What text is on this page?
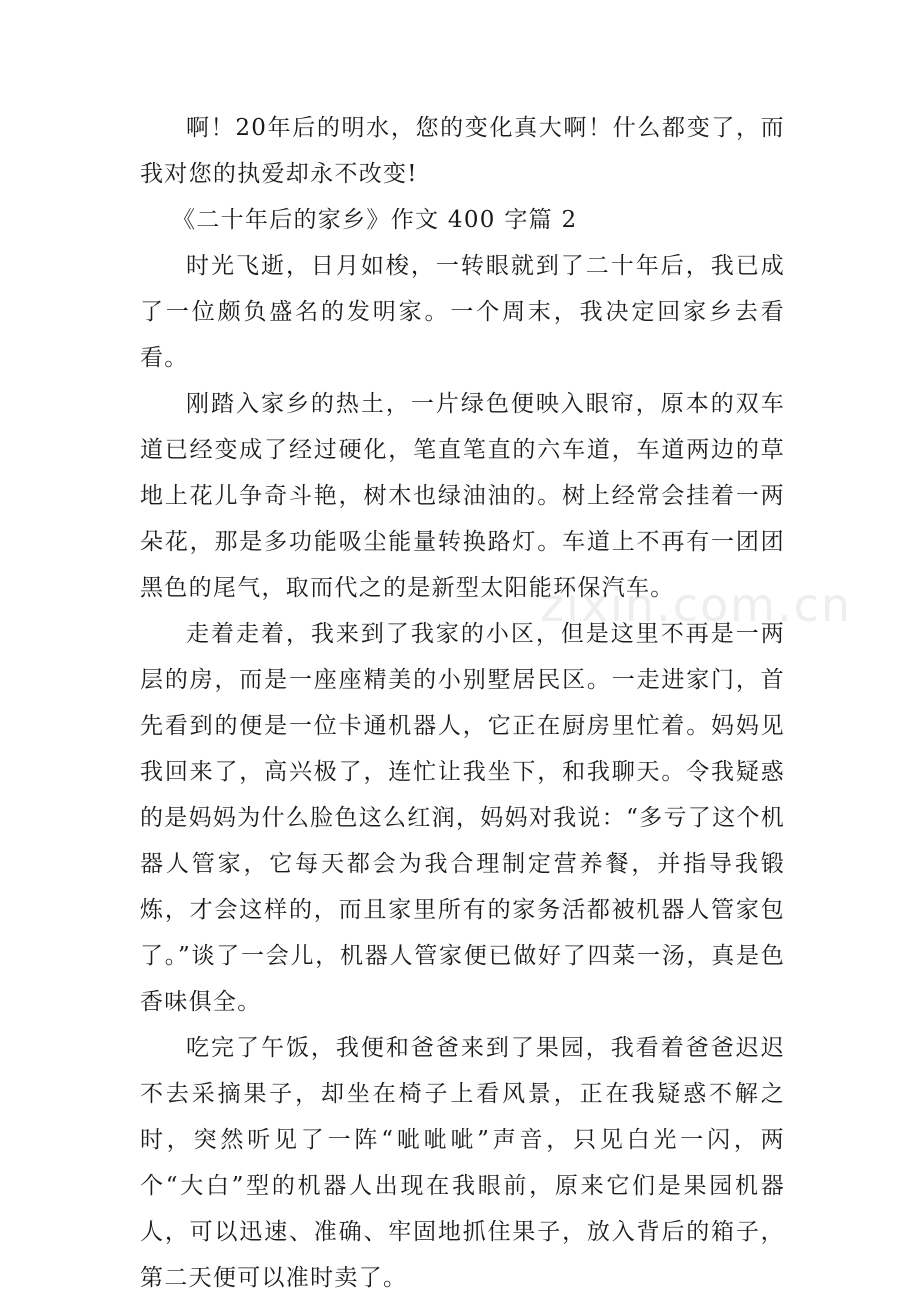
啊！20年后的明水，您的变化真大啊！什么都变了，而我对您的执爱却永不改变!

《二十年后的家乡》作文 400 字篇 2

时光飞逝，日月如梭，一转眼就到了二十年后，我已成了一位颇负盛名的发明家。一个周末，我决定回家乡去看看。

刚踏入家乡的热土，一片绿色便映入眼帘，原本的双车道已经变成了经过硬化，笔直笔直的六车道，车道两边的草地上花儿争奇斗艳，树木也绿油油的。树上经常会挂着一两朵花，那是多功能吸尘能量转换路灯。车道上不再有一团团黑色的尾气，取而代之的是新型太阳能环保汽车。

走着走着，我来到了我家的小区，但是这里不再是一两层的房，而是一座座精美的小别墅居民区。一走进家门，首先看到的便是一位卡通机器人，它正在厨房里忙着。妈妈见我回来了，高兴极了，连忙让我坐下，和我聊天。令我疑惑的是妈妈为什么脸色这么红润，妈妈对我说：“多亏了这个机器人管家，它每天都会为我合理制定营养餐，并指导我锻炼，才会这样的，而且家里所有的家务活都被机器人管家包了。”谈了一会儿，机器人管家便已做好了四菜一汤，真是色香味俱全。

吃完了午饭，我便和爸爸来到了果园，我看着爸爸迟迟不去采摘果子，却坐在椅子上看风景，正在我疑惑不解之时，突然听见了一阵“呲呲呲”声音，只见白光一闪，两个“大白”型的机器人出现在我眼前，原来它们是果园机器人，可以迅速、准确、牢固地抓住果子，放入背后的箱子，第二天便可以准时卖了。

zixin.com.cn
